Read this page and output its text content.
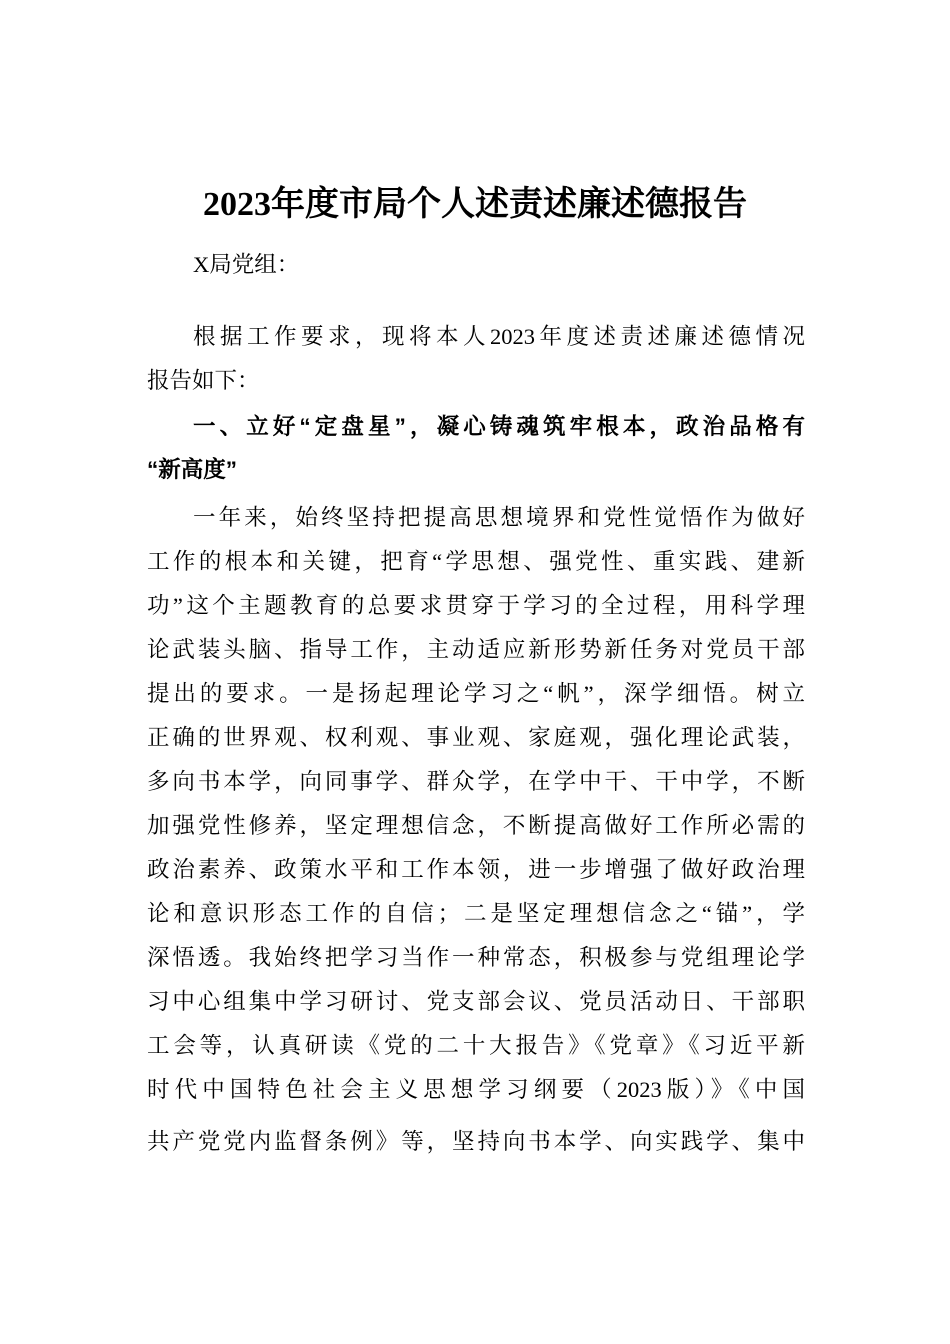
2023年度市局个人述责述廉述德报告
X局党组：
根据工作要求，现将本人2023年度述责述廉述德情况
报告如下：
一、立好“定盘星”，凝心铸魂筑牢根本，政治品格有
“新高度”
一年来，始终坚持把提高思想境界和党性觉悟作为做好
工作的根本和关键，把育“学思想、强党性、重实践、建新
功”这个主题教育的总要求贯穿于学习的全过程，用科学理
论武装头脑、指导工作，主动适应新形势新任务对党员干部
提出的要求。一是扬起理论学习之“帆”，深学细悟。树立
正确的世界观、权利观、事业观、家庭观，强化理论武装，
多向书本学，向同事学、群众学，在学中干、干中学，不断
加强党性修养，坚定理想信念，不断提高做好工作所必需的
政治素养、政策水平和工作本领，进一步增强了做好政治理
论和意识形态工作的自信；二是坚定理想信念之“锚”，学
深悟透。我始终把学习当作一种常态，积极参与党组理论学
习中心组集中学习研讨、党支部会议、党员活动日、干部职
工会等，认真研读《党的二十大报告》《党章》《习近平新
时代中国特色社会主义思想学习纲要（2023版）》《中国
共产党党内监督条例》等，坚持向书本学、向实践学、集中
